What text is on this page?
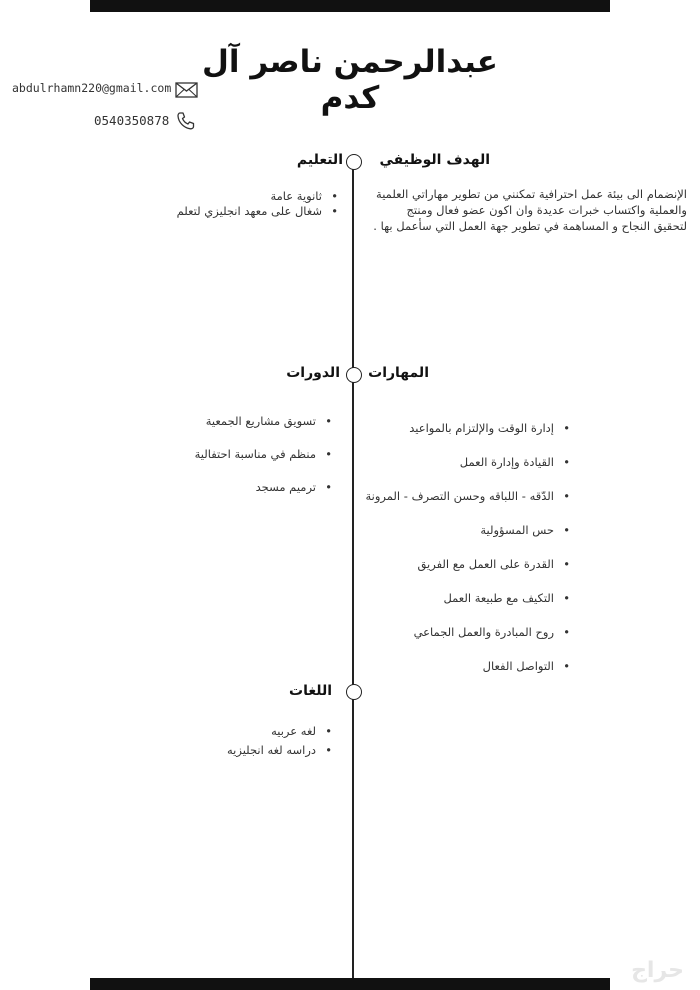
عبدالرحمن ناصر آل كدم
abdulrhamn220@gmail.com
0540350878
الهدف الوظيفي
الإنضمام الى بيئة عمل احترافية تمكنني من تطوير مهاراتي العلمية والعملية واكتساب خبرات عديدة وان اكون عضو فعال ومنتج لتحقيق النجاح و المساهمة في تطوير جهة العمل التي سأعمل بها .
التعليم
• ثانوية عامة
• شغال على معهد انجليزي لتعلم
المهارات
• إدارة الوقت والإلتزام بالمواعيد
• القيادة وإدارة العمل
• الدّقه - اللباقه وحسن التصرف - المرونة
• حس المسؤولية
• القدرة على العمل مع الفريق
• التكيف مع طبيعة العمل
• روح المبادرة والعمل الجماعي
• التواصل الفعال
الدورات
• تسويق مشاريع الجمعية
• منظم في مناسبة احتفالية
• ترميم مسجد
اللغات
• لغه عربيه
• دراسه لغه انجليزيه
حراج
